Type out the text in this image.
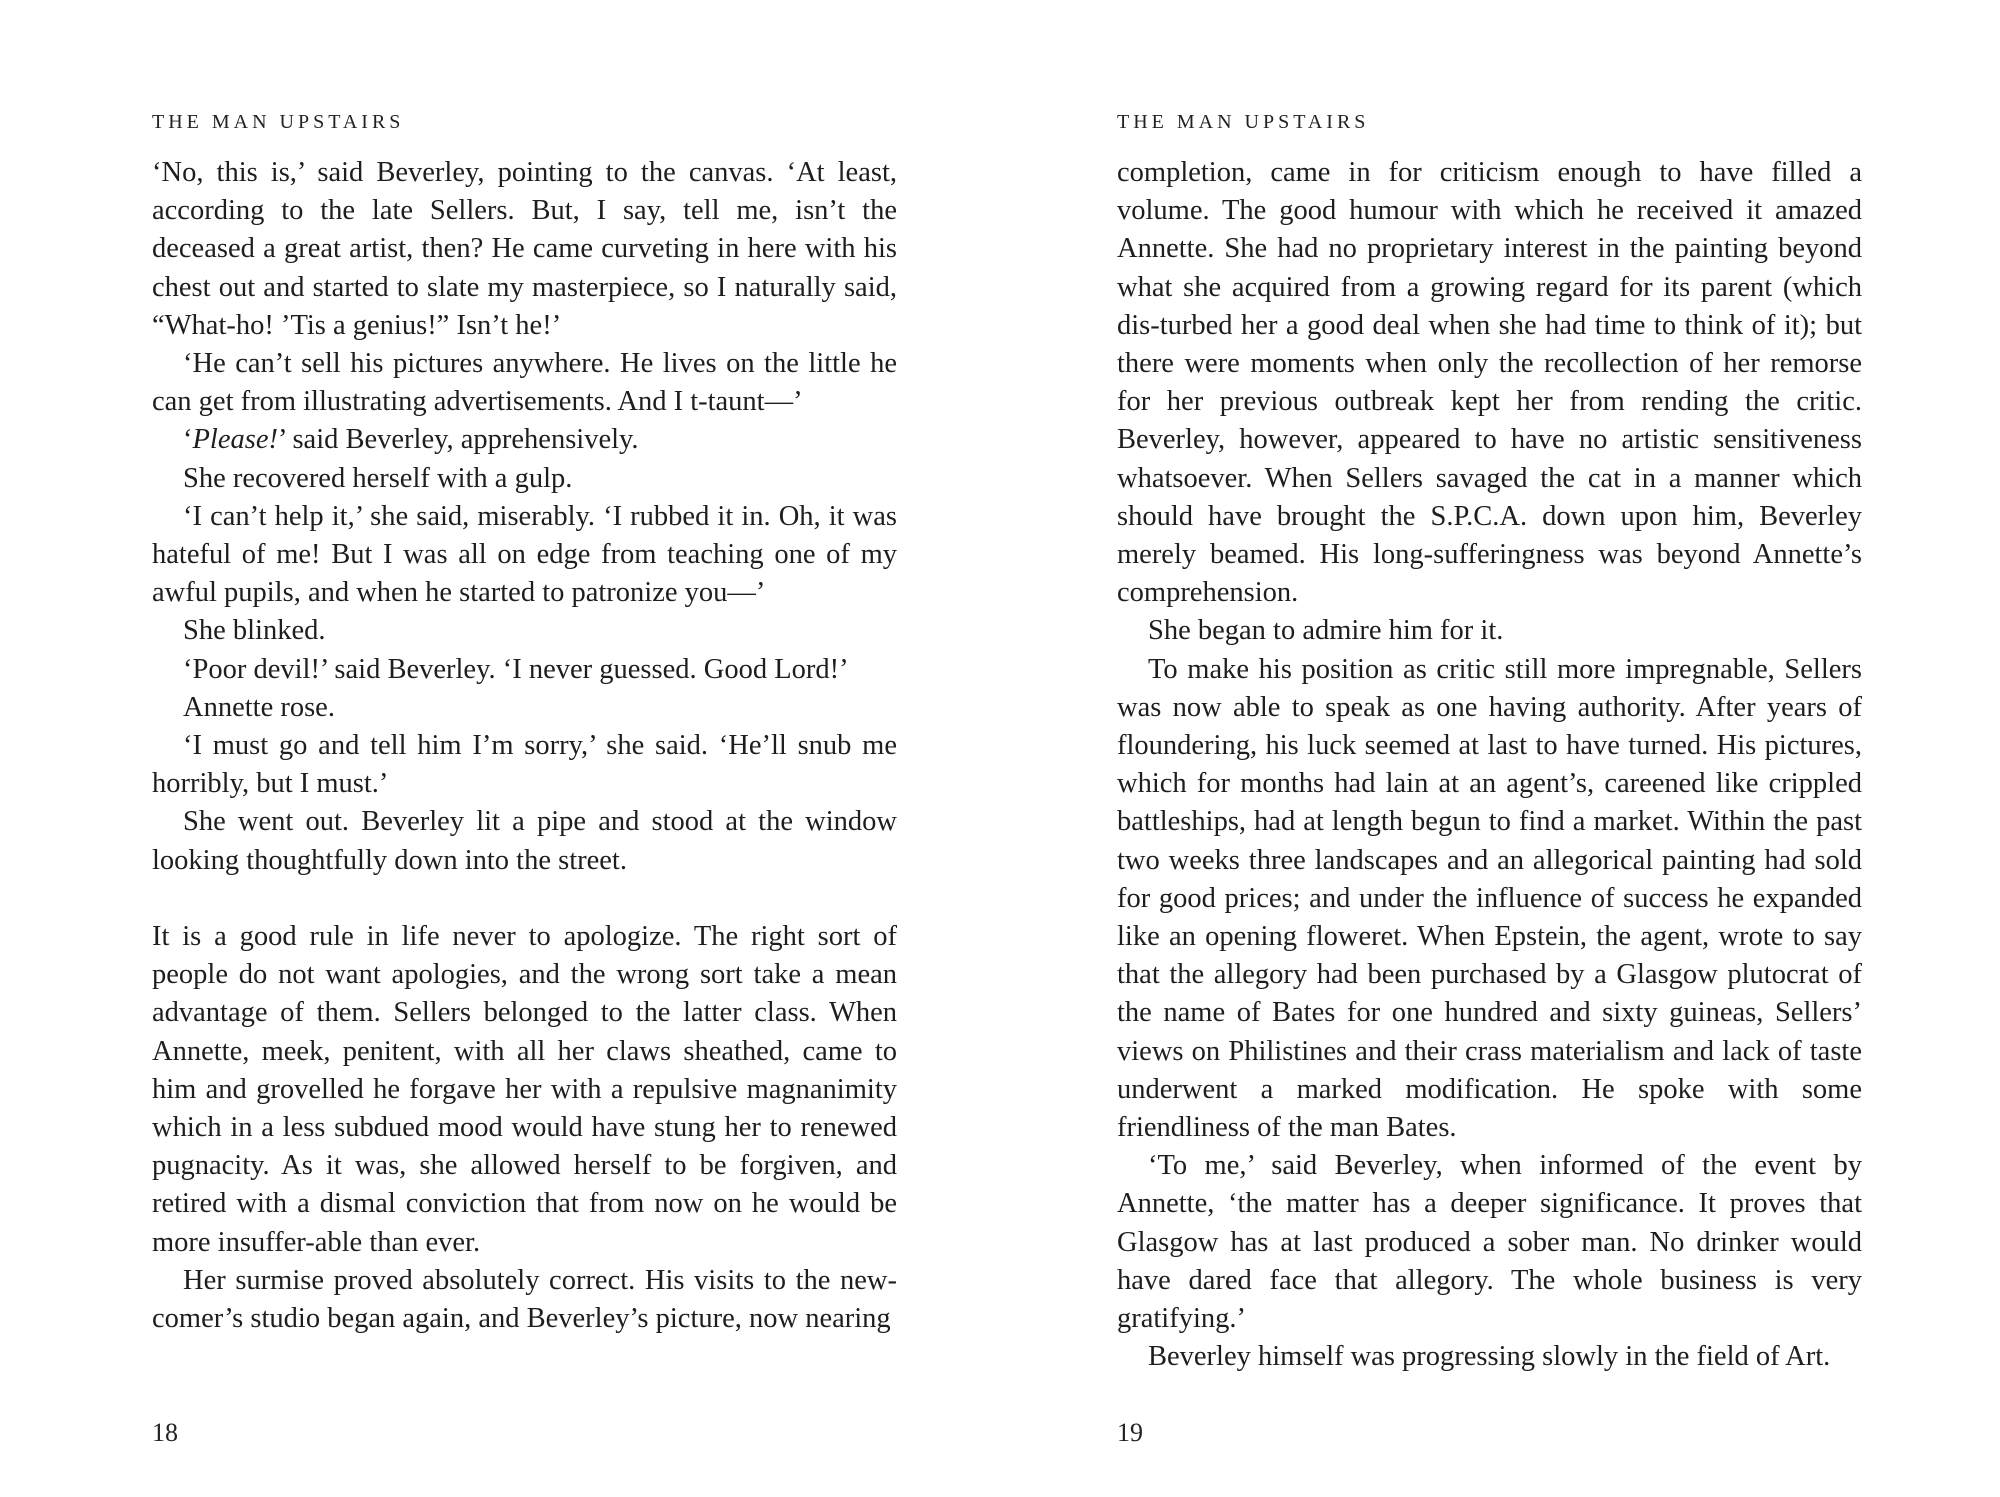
THE MAN UPSTAIRS

‘No, this is,’ said Beverley, pointing to the canvas. ‘At least, according to the late Sellers. But, I say, tell me, isn’t the deceased a great artist, then? He came curveting in here with his chest out and started to slate my masterpiece, so I naturally said, “What-ho! ’Tis a genius!” Isn’t he!’

‘He can’t sell his pictures anywhere. He lives on the little he can get from illustrating advertisements. And I t-taunt—’

‘Please!’ said Beverley, apprehensively.

She recovered herself with a gulp.

‘I can’t help it,’ she said, miserably. ‘I rubbed it in. Oh, it was hateful of me! But I was all on edge from teaching one of my awful pupils, and when he started to patronize you—’

She blinked.

‘Poor devil!’ said Beverley. ‘I never guessed. Good Lord!’

Annette rose.

‘I must go and tell him I’m sorry,’ she said. ‘He’ll snub me horribly, but I must.’

She went out. Beverley lit a pipe and stood at the window looking thoughtfully down into the street.

It is a good rule in life never to apologize. The right sort of people do not want apologies, and the wrong sort take a mean advantage of them. Sellers belonged to the latter class. When Annette, meek, penitent, with all her claws sheathed, came to him and grovelled he forgave her with a repulsive magnanimity which in a less subdued mood would have stung her to renewed pugnacity. As it was, she allowed herself to be forgiven, and retired with a dismal conviction that from now on he would be more insuffer-able than ever.

Her surmise proved absolutely correct. His visits to the new-comer’s studio began again, and Beverley’s picture, now nearing

18
THE MAN UPSTAIRS

completion, came in for criticism enough to have filled a volume. The good humour with which he received it amazed Annette. She had no proprietary interest in the painting beyond what she acquired from a growing regard for its parent (which dis-turbed her a good deal when she had time to think of it); but there were moments when only the recollection of her remorse for her previous outbreak kept her from rending the critic. Beverley, however, appeared to have no artistic sensitiveness whatsoever. When Sellers savaged the cat in a manner which should have brought the S.P.C.A. down upon him, Beverley merely beamed. His long-sufferingness was beyond Annette’s comprehension.

She began to admire him for it.

To make his position as critic still more impregnable, Sellers was now able to speak as one having authority. After years of floundering, his luck seemed at last to have turned. His pictures, which for months had lain at an agent’s, careened like crippled battleships, had at length begun to find a market. Within the past two weeks three landscapes and an allegorical painting had sold for good prices; and under the influence of success he expanded like an opening floweret. When Epstein, the agent, wrote to say that the allegory had been purchased by a Glasgow plutocrat of the name of Bates for one hundred and sixty guineas, Sellers’ views on Philistines and their crass materialism and lack of taste underwent a marked modification. He spoke with some friendliness of the man Bates.

‘To me,’ said Beverley, when informed of the event by Annette, ‘the matter has a deeper significance. It proves that Glasgow has at last produced a sober man. No drinker would have dared face that allegory. The whole business is very gratifying.’

Beverley himself was progressing slowly in the field of Art.

19
